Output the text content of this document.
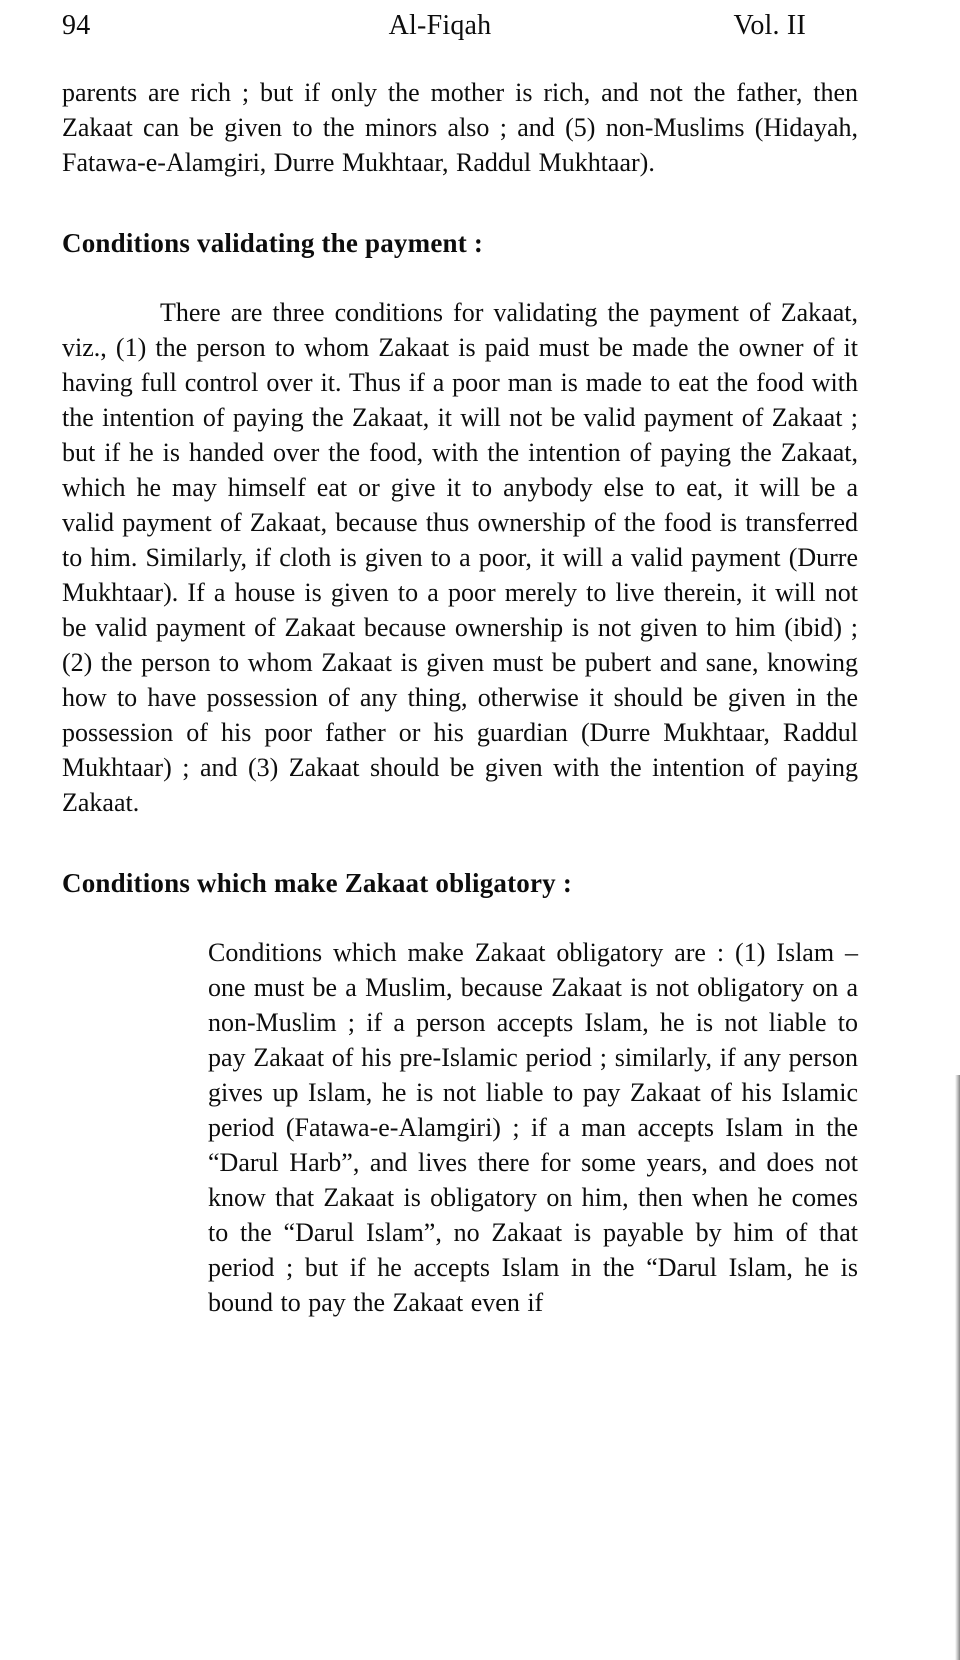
94	Al-Fiqah	Vol. II

parents are rich ; but if only the mother is rich, and not the father, then Zakaat can be given to the minors also ; and (5) non-Muslims (Hidayah, Fatawa-e-Alamgiri, Durre Mukhtaar, Raddul Mukhtaar).

Conditions validating the payment :

There are three conditions for validating the payment of Zakaat, viz., (1) the person to whom Zakaat is paid must be made the owner of it having full control over it. Thus if a poor man is made to eat the food with the intention of paying the Zakaat, it will not be valid payment of Zakaat ; but if he is handed over the food, with the intention of paying the Zakaat, which he may himself eat or give it to anybody else to eat, it will be a valid payment of Zakaat, because thus ownership of the food is transferred to him. Similarly, if cloth is given to a poor, it will a valid payment (Durre Mukhtaar). If a house is given to a poor merely to live therein, it will not be valid payment of Zakaat because ownership is not given to him (ibid) ; (2) the person to whom Zakaat is given must be pubert and sane, knowing how to have possession of any thing, otherwise it should be given in the possession of his poor father or his guardian (Durre Mukhtaar, Raddul Mukhtaar) ; and (3) Zakaat should be given with the intention of paying Zakaat.

Conditions which make Zakaat obligatory :

Conditions which make Zakaat obligatory are : (1) Islam – one must be a Muslim, because Zakaat is not obligatory on a non-Muslim ; if a person accepts Islam, he is not liable to pay Zakaat of his pre-Islamic period ; similarly, if any person gives up Islam, he is not liable to pay Zakaat of his Islamic period (Fatawa-e-Alamgiri) ; if a man accepts Islam in the “Darul Harb”, and lives there for some years, and does not know that Zakaat is obligatory on him, then when he comes to the “Darul Islam”, no Zakaat is payable by him of that period ; but if he accepts Islam in the “Darul Islam, he is bound to pay the Zakaat even if
